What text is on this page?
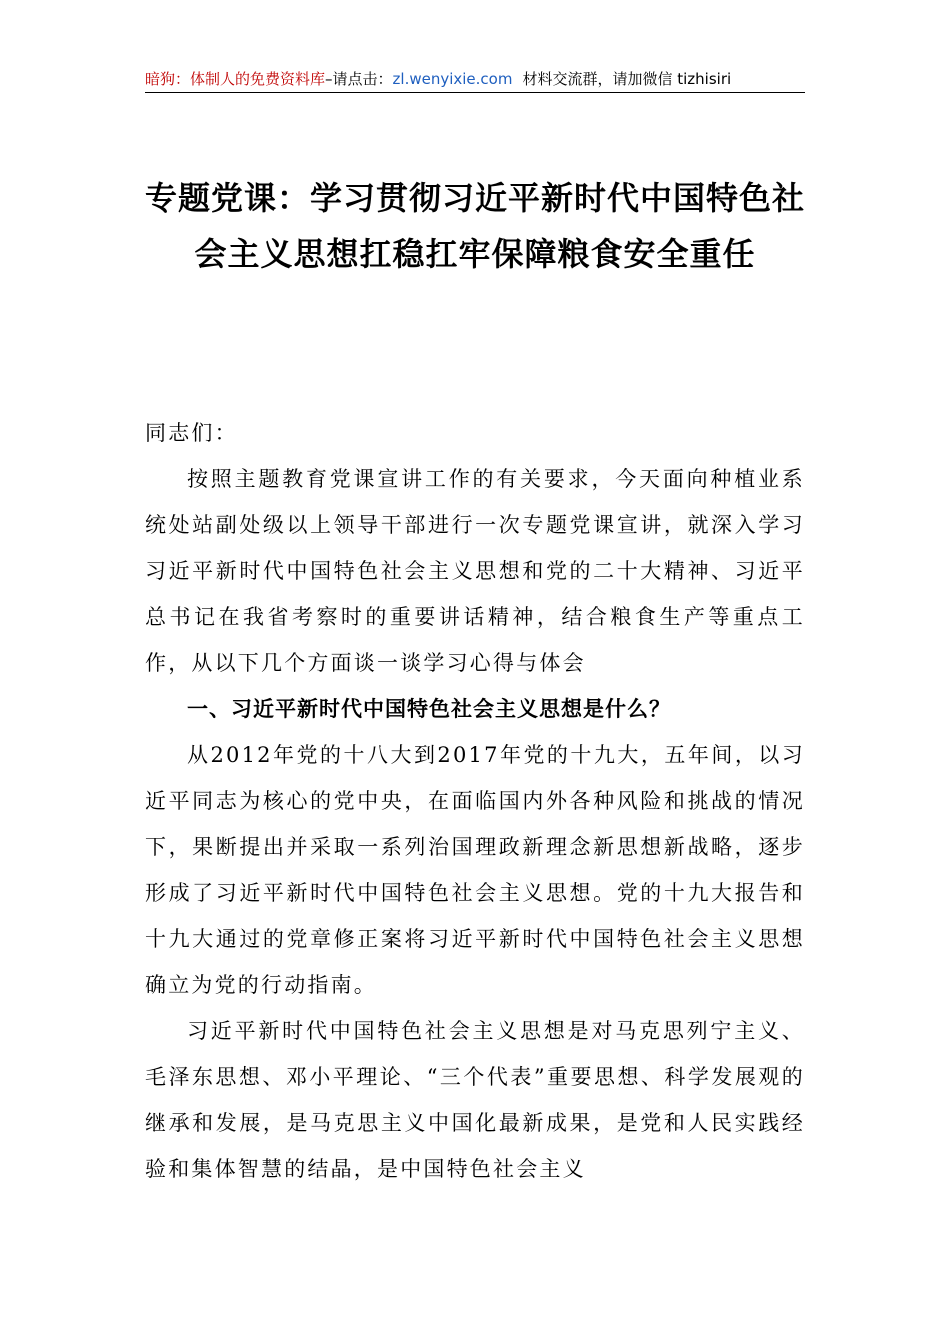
暗狗：体制人的免费资料库–请点击：zl.wenyixie.com 材料交流群，请加微信 tizhisiri
专题党课：学习贯彻习近平新时代中国特色社会主义思想扛稳扛牢保障粮食安全重任

同志们：

按照主题教育党课宣讲工作的有关要求，今天面向种植业系统处站副处级以上领导干部进行一次专题党课宣讲，就深入学习习近平新时代中国特色社会主义思想和党的二十大精神、习近平总书记在我省考察时的重要讲话精神，结合粮食生产等重点工作，从以下几个方面谈一谈学习心得与体会

一、习近平新时代中国特色社会主义思想是什么？

从2012年党的十八大到2017年党的十九大，五年间，以习近平同志为核心的党中央，在面临国内外各种风险和挑战的情况下，果断提出并采取一系列治国理政新理念新思想新战略，逐步形成了习近平新时代中国特色社会主义思想。党的十九大报告和十九大通过的党章修正案将习近平新时代中国特色社会主义思想确立为党的行动指南。

习近平新时代中国特色社会主义思想是对马克思列宁主义、毛泽东思想、邓小平理论、“三个代表”重要思想、科学发展观的继承和发展，是马克思主义中国化最新成果，是党和人民实践经验和集体智慧的结晶，是中国特色社会主义
